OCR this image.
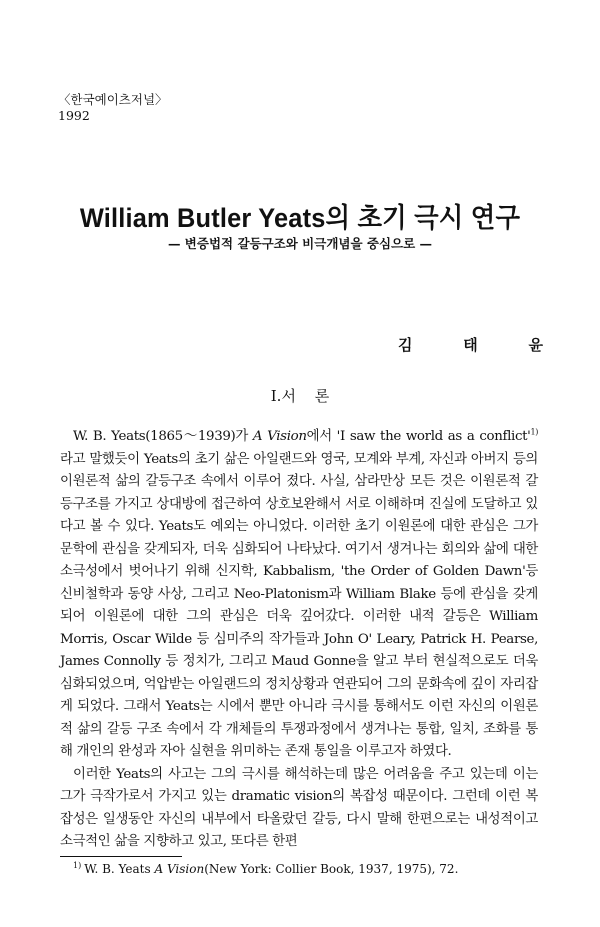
〈한국예이츠저널〉
1992
William Butler Yeats의 초기 극시 연구
— 변증법적 갈등구조와 비극개념을 중심으로 —
김	태	윤
I.서 론

W. B. Yeats(1865～1939)가 A Vision에서 'I saw the world as a conflict'$^{1)}$ 라고 말했듯이 Yeats의 초기 삶은 아일랜드와 영국, 모계와 부계, 자신과 아버지 등의 이원론적 삶의 갈등구조 속에서 이루어 졌다. 사실, 삼라만상 모든 것은 이원론적 갈등구조를 가지고 상대방에 접근하여 상호보완해서 서로 이해하며 진실에 도달하고 있다고 볼 수 있다. Yeats도 예외는 아니었다. 이러한 초기 이원론에 대한 관심은 그가 문학에 관심을 갖게되자, 더욱 심화되어 나타났다. 여기서 생겨나는 회의와 삶에 대한 소극성에서 벗어나기 위해 신지학, Kabbalism, 'the Order of Golden Dawn'등 신비철학과 동양 사상, 그리고 Neo-Platonism과 William Blake 등에 관심을 갖게되어 이원론에 대한 그의 관심은 더욱 깊어갔다. 이러한 내적 갈등은 William Morris, Oscar Wilde 등 심미주의 작가들과 John O' Leary, Patrick H. Pearse, James Connolly 등 정치가, 그리고 Maud Gonne을 알고 부터 현실적으로도 더욱 심화되었으며, 억압받는 아일랜드의 정치상황과 연관되어 그의 문화속에 깊이 자리잡게 되었다. 그래서 Yeats는 시에서 뿐만 아니라 극시를 통해서도 이런 자신의 이원론적 삶의 갈등 구조 속에서 각 개체들의 투쟁과정에서 생겨나는 통합, 일치, 조화를 통해 개인의 완성과 자아 실현을 위미하는 존재 통일을 이루고자 하였다.

이러한 Yeats의 사고는 그의 극시를 해석하는데 많은 어려움을 주고 있는데 이는 그가 극작가로서 가지고 있는 dramatic vision의 복잡성 때문이다. 그런데 이런 복잡성은 일생동안 자신의 내부에서 타올랐던 갈등, 다시 말해 한편으로는 내성적이고 소극적인 삶을 지향하고 있고, 또다른 한편

$^{1)}$ W. B. Yeats A Vision(New York: Collier Book, 1937, 1975), 72.
